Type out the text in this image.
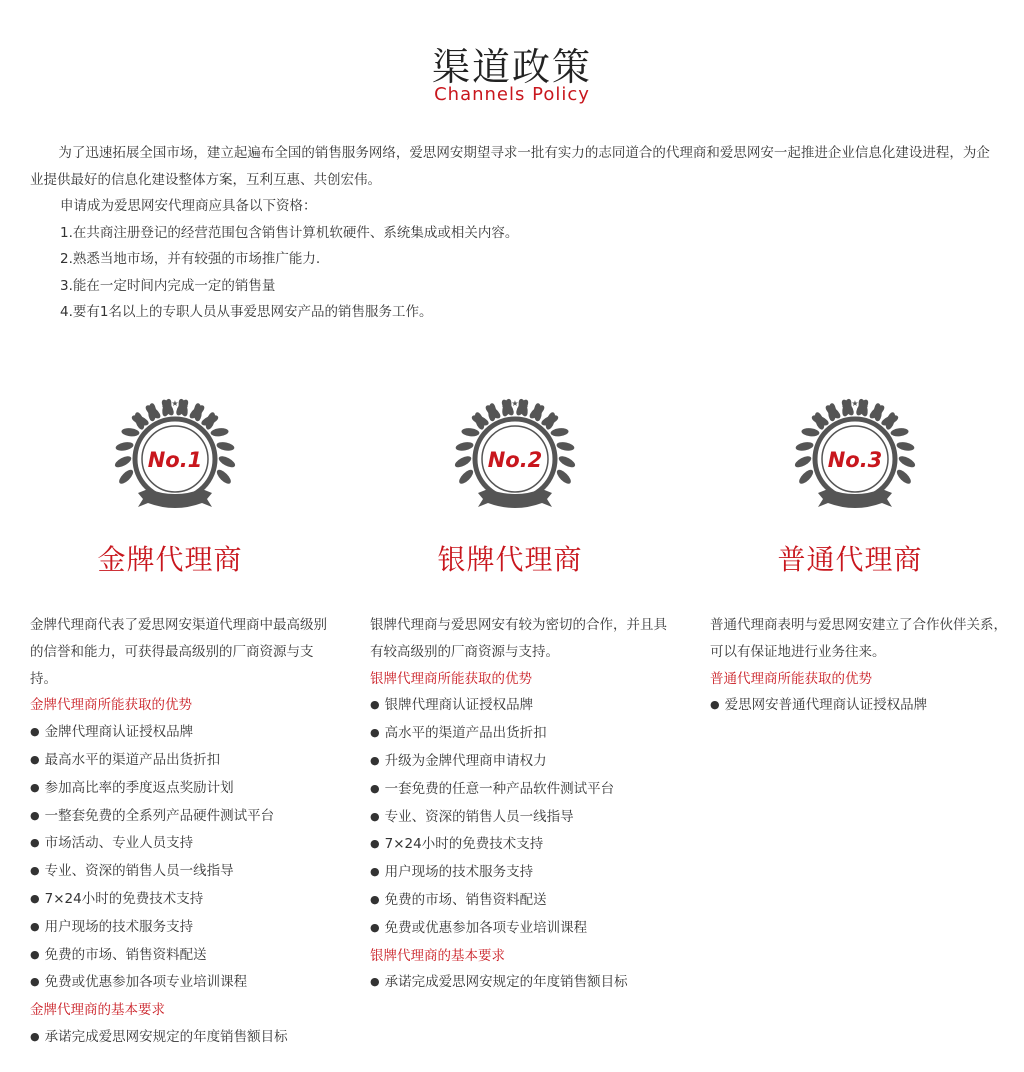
渠道政策
Channels Policy

为了迅速拓展全国市场，建立起遍布全国的销售服务网络，爱思网安期望寻求一批有实力的志同道合的代理商和爱思网安一起推进企业信息化建设进程，为企业提供最好的信息化建设整体方案，互利互惠、共创宏伟。

申请成为爱思网安代理商应具备以下资格：

1.在共商注册登记的经营范围包含销售计算机软硬件、系统集成或相关内容。

2.熟悉当地市场，并有较强的市场推广能力.

3.能在一定时间内完成一定的销售量

4.要有1名以上的专职人员从事爱思网安产品的销售服务工作。

★ ★ ★
No.1
金牌代理商

金牌代理商代表了爱思网安渠道代理商中最高级别的信誉和能力，可获得最高级别的厂商资源与支持。

金牌代理商所能获取的优势

● 金牌代理商认证授权品牌

● 最高水平的渠道产品出货折扣

● 参加高比率的季度返点奖励计划

● 一整套免费的全系列产品硬件测试平台

● 市场活动、专业人员支持

● 专业、资深的销售人员一线指导

● 7×24小时的免费技术支持

● 用户现场的技术服务支持

● 免费的市场、销售资料配送

● 免费或优惠参加各项专业培训课程

金牌代理商的基本要求

● 承诺完成爱思网安规定的年度销售额目标

★ ★ ★
No.2
银牌代理商

银牌代理商与爱思网安有较为密切的合作，并且具有较高级别的厂商资源与支持。

银牌代理商所能获取的优势

● 银牌代理商认证授权品牌

● 高水平的渠道产品出货折扣

● 升级为金牌代理商申请权力

● 一套免费的任意一种产品软件测试平台

● 专业、资深的销售人员一线指导

● 7×24小时的免费技术支持

● 用户现场的技术服务支持

● 免费的市场、销售资料配送

● 免费或优惠参加各项专业培训课程

银牌代理商的基本要求

● 承诺完成爱思网安规定的年度销售额目标

★ ★ ★
No.3
普通代理商

普通代理商表明与爱思网安建立了合作伙伴关系，可以有保证地进行业务往来。

普通代理商所能获取的优势

● 爱思网安普通代理商认证授权品牌
